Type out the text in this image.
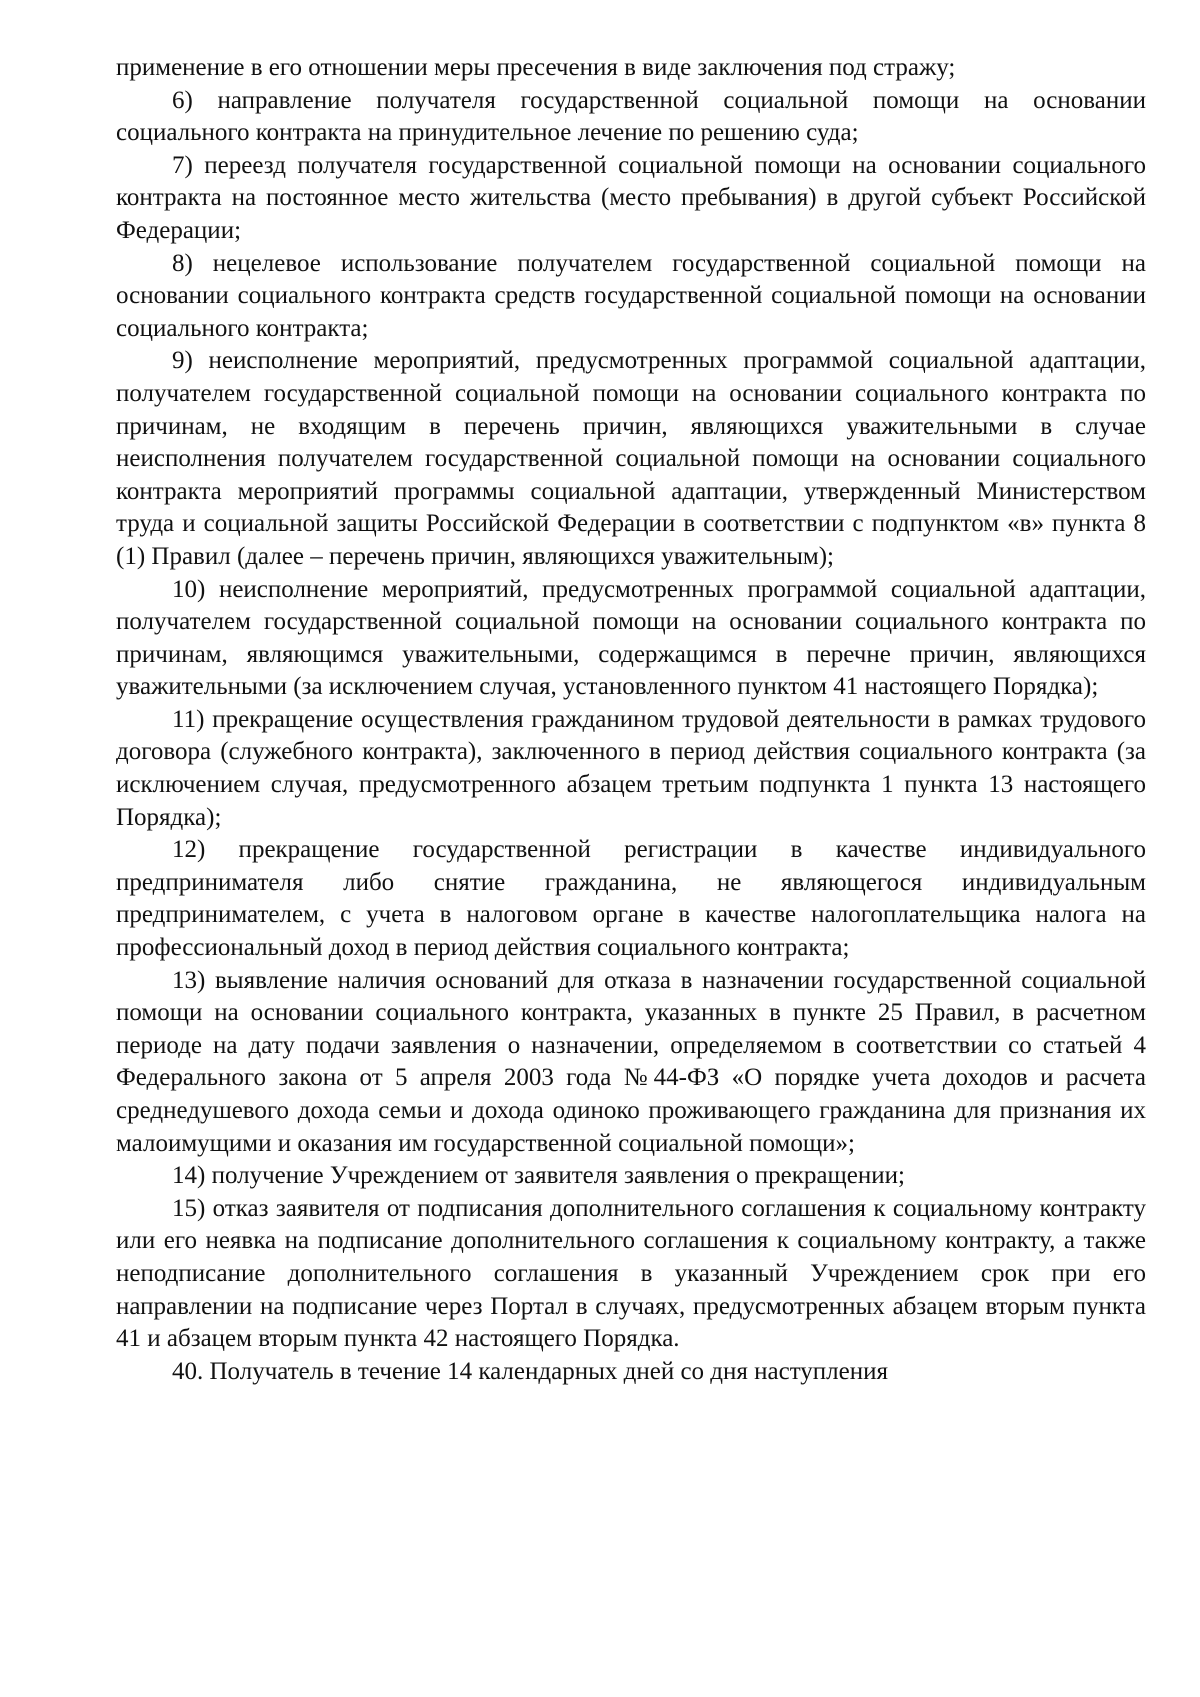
применение в его отношении меры пресечения в виде заключения под стражу;

6) направление получателя государственной социальной помощи на основании социального контракта на принудительное лечение по решению суда;

7) переезд получателя государственной социальной помощи на основании социального контракта на постоянное место жительства (место пребывания) в другой субъект Российской Федерации;

8) нецелевое использование получателем государственной социальной помощи на основании социального контракта средств государственной социальной помощи на основании социального контракта;

9) неисполнение мероприятий, предусмотренных программой социальной адаптации, получателем государственной социальной помощи на основании социального контракта по причинам, не входящим в перечень причин, являющихся уважительными в случае неисполнения получателем государственной социальной помощи на основании социального контракта мероприятий программы социальной адаптации, утвержденный Министерством труда и социальной защиты Российской Федерации в соответствии с подпунктом «в» пункта 8 (1) Правил (далее – перечень причин, являющихся уважительным);

10) неисполнение мероприятий, предусмотренных программой социальной адаптации, получателем государственной социальной помощи на основании социального контракта по причинам, являющимся уважительными, содержащимся в перечне причин, являющихся уважительными (за исключением случая, установленного пунктом 41 настоящего Порядка);

11) прекращение осуществления гражданином трудовой деятельности в рамках трудового договора (служебного контракта), заключенного в период действия социального контракта (за исключением случая, предусмотренного абзацем третьим подпункта 1 пункта 13 настоящего Порядка);

12) прекращение государственной регистрации в качестве индивидуального предпринимателя либо снятие гражданина, не являющегося индивидуальным предпринимателем, с учета в налоговом органе в качестве налогоплательщика налога на профессиональный доход в период действия социального контракта;

13) выявление наличия оснований для отказа в назначении государственной социальной помощи на основании социального контракта, указанных в пункте 25 Правил, в расчетном периоде на дату подачи заявления о назначении, определяемом в соответствии со статьей 4 Федерального закона от 5 апреля 2003 года №44-ФЗ «О порядке учета доходов и расчета среднедушевого дохода семьи и дохода одиноко проживающего гражданина для признания их малоимущими и оказания им государственной социальной помощи»;

14) получение Учреждением от заявителя заявления о прекращении;

15) отказ заявителя от подписания дополнительного соглашения к социальному контракту или его неявка на подписание дополнительного соглашения к социальному контракту, а также неподписание дополнительного соглашения в указанный Учреждением срок при его направлении на подписание через Портал в случаях, предусмотренных абзацем вторым пункта 41 и абзацем вторым пункта 42 настоящего Порядка.

40. Получатель в течение 14 календарных дней со дня наступления
